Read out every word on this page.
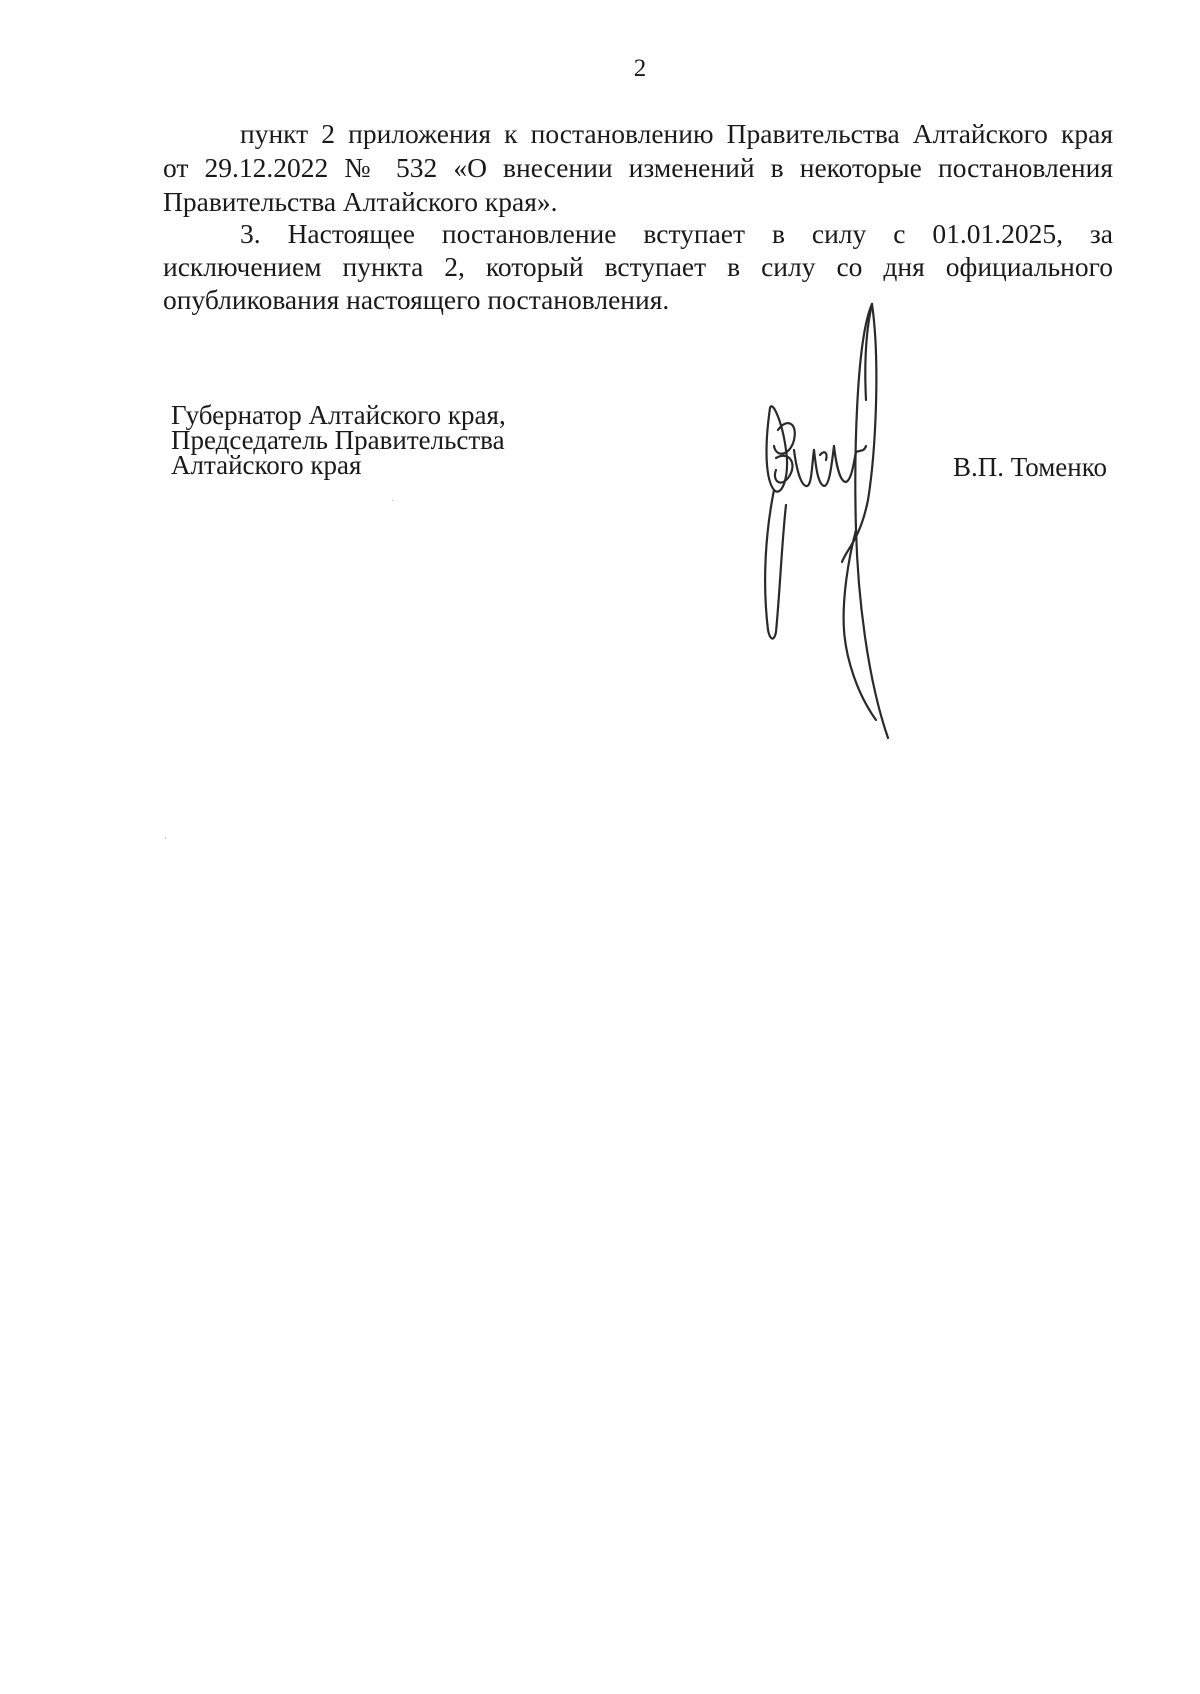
2
пункт 2 приложения к постановлению Правительства Алтайского края
от 29.12.2022 № 532 «О внесении изменений в некоторые постановления
Правительства Алтайского края».
3. Настоящее постановление вступает в силу с 01.01.2025, за
исключением пункта 2, который вступает в силу со дня официального
опубликования настоящего постановления.
Губернатор Алтайского края,
Председатель Правительства
Алтайского края	В.П. Томенко
